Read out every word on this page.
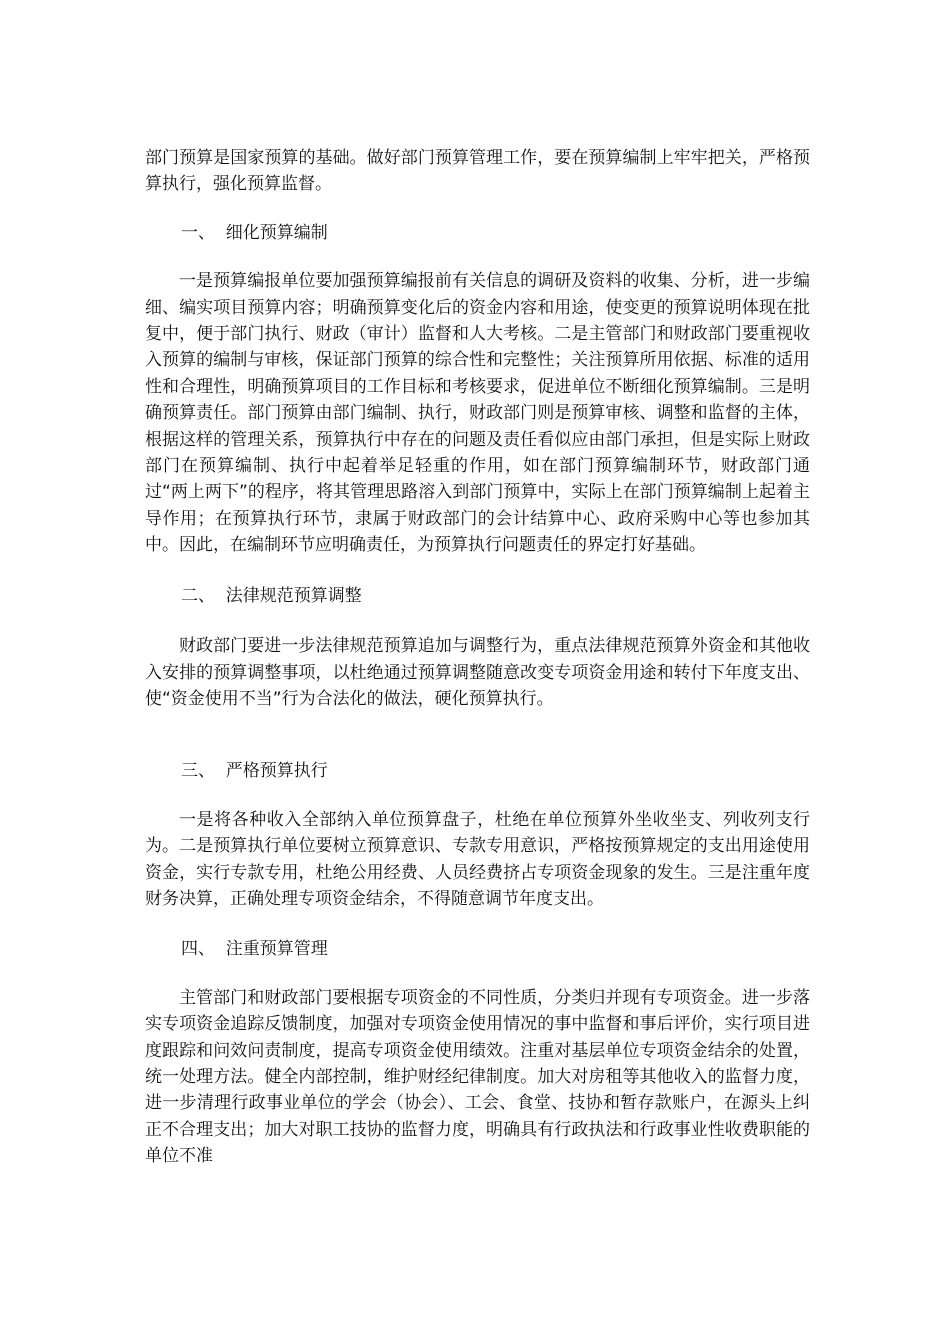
部门预算是国家预算的基础。做好部门预算管理工作，要在预算编制上牢牢把关，严格预算执行，强化预算监督。

一、  细化预算编制

一是预算编报单位要加强预算编报前有关信息的调研及资料的收集、分析，进一步编细、编实项目预算内容；明确预算变化后的资金内容和用途，使变更的预算说明体现在批复中，便于部门执行、财政（审计）监督和人大考核。二是主管部门和财政部门要重视收入预算的编制与审核，保证部门预算的综合性和完整性；关注预算所用依据、标准的适用性和合理性，明确预算项目的工作目标和考核要求，促进单位不断细化预算编制。三是明确预算责任。部门预算由部门编制、执行，财政部门则是预算审核、调整和监督的主体，根据这样的管理关系，预算执行中存在的问题及责任看似应由部门承担，但是实际上财政部门在预算编制、执行中起着举足轻重的作用，如在部门预算编制环节，财政部门通过“两上两下”的程序，将其管理思路溶入到部门预算中，实际上在部门预算编制上起着主导作用；在预算执行环节，隶属于财政部门的会计结算中心、政府采购中心等也参加其中。因此，在编制环节应明确责任，为预算执行问题责任的界定打好基础。

二、  法律规范预算调整

财政部门要进一步法律规范预算追加与调整行为，重点法律规范预算外资金和其他收入安排的预算调整事项，以杜绝通过预算调整随意改变专项资金用途和转付下年度支出、使“资金使用不当”行为合法化的做法，硬化预算执行。

三、  严格预算执行

一是将各种收入全部纳入单位预算盘子，杜绝在单位预算外坐收坐支、列收列支行为。二是预算执行单位要树立预算意识、专款专用意识，严格按预算规定的支出用途使用资金，实行专款专用，杜绝公用经费、人员经费挤占专项资金现象的发生。三是注重年度财务决算，正确处理专项资金结余，不得随意调节年度支出。

四、  注重预算管理

主管部门和财政部门要根据专项资金的不同性质，分类归并现有专项资金。进一步落实专项资金追踪反馈制度，加强对专项资金使用情况的事中监督和事后评价，实行项目进度跟踪和问效问责制度，提高专项资金使用绩效。注重对基层单位专项资金结余的处置，统一处理方法。健全内部控制，维护财经纪律制度。加大对房租等其他收入的监督力度，进一步清理行政事业单位的学会（协会）、工会、食堂、技协和暂存款账户，在源头上纠正不合理支出；加大对职工技协的监督力度，明确具有行政执法和行政事业性收费职能的单位不准
